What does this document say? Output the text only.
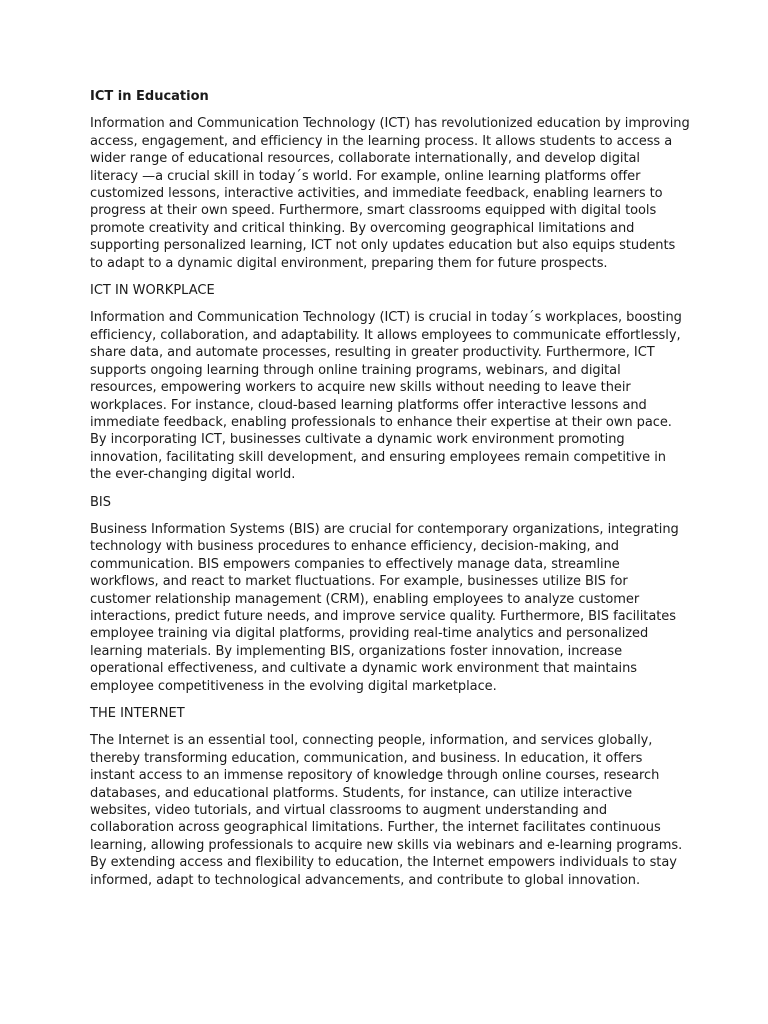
ICT in Education

Information and Communication Technology (ICT) has revolutionized education by improving access, engagement, and efficiency in the learning process. It allows students to access a wider range of educational resources, collaborate internationally, and develop digital literacy —a crucial skill in today´s world. For example, online learning platforms offer customized lessons, interactive activities, and immediate feedback, enabling learners to progress at their own speed. Furthermore, smart classrooms equipped with digital tools promote creativity and critical thinking. By overcoming geographical limitations and supporting personalized learning, ICT not only updates education but also equips students to adapt to a dynamic digital environment, preparing them for future prospects.

ICT IN WORKPLACE

Information and Communication Technology (ICT) is crucial in today´s workplaces, boosting efficiency, collaboration, and adaptability. It allows employees to communicate effortlessly, share data, and automate processes, resulting in greater productivity. Furthermore, ICT supports ongoing learning through online training programs, webinars, and digital resources, empowering workers to acquire new skills without needing to leave their workplaces. For instance, cloud-based learning platforms offer interactive lessons and immediate feedback, enabling professionals to enhance their expertise at their own pace. By incorporating ICT, businesses cultivate a dynamic work environment promoting innovation, facilitating skill development, and ensuring employees remain competitive in the ever-changing digital world.

BIS

Business Information Systems (BIS) are crucial for contemporary organizations, integrating technology with business procedures to enhance efficiency, decision-making, and communication. BIS empowers companies to effectively manage data, streamline workflows, and react to market fluctuations. For example, businesses utilize BIS for customer relationship management (CRM), enabling employees to analyze customer interactions, predict future needs, and improve service quality. Furthermore, BIS facilitates employee training via digital platforms, providing real-time analytics and personalized learning materials. By implementing BIS, organizations foster innovation, increase operational effectiveness, and cultivate a dynamic work environment that maintains employee competitiveness in the evolving digital marketplace.

THE INTERNET

The Internet is an essential tool, connecting people, information, and services globally, thereby transforming education, communication, and business. In education, it offers instant access to an immense repository of knowledge through online courses, research databases, and educational platforms. Students, for instance, can utilize interactive websites, video tutorials, and virtual classrooms to augment understanding and collaboration across geographical limitations. Further, the internet facilitates continuous learning, allowing professionals to acquire new skills via webinars and e-learning programs. By extending access and flexibility to education, the Internet empowers individuals to stay informed, adapt to technological advancements, and contribute to global innovation.
